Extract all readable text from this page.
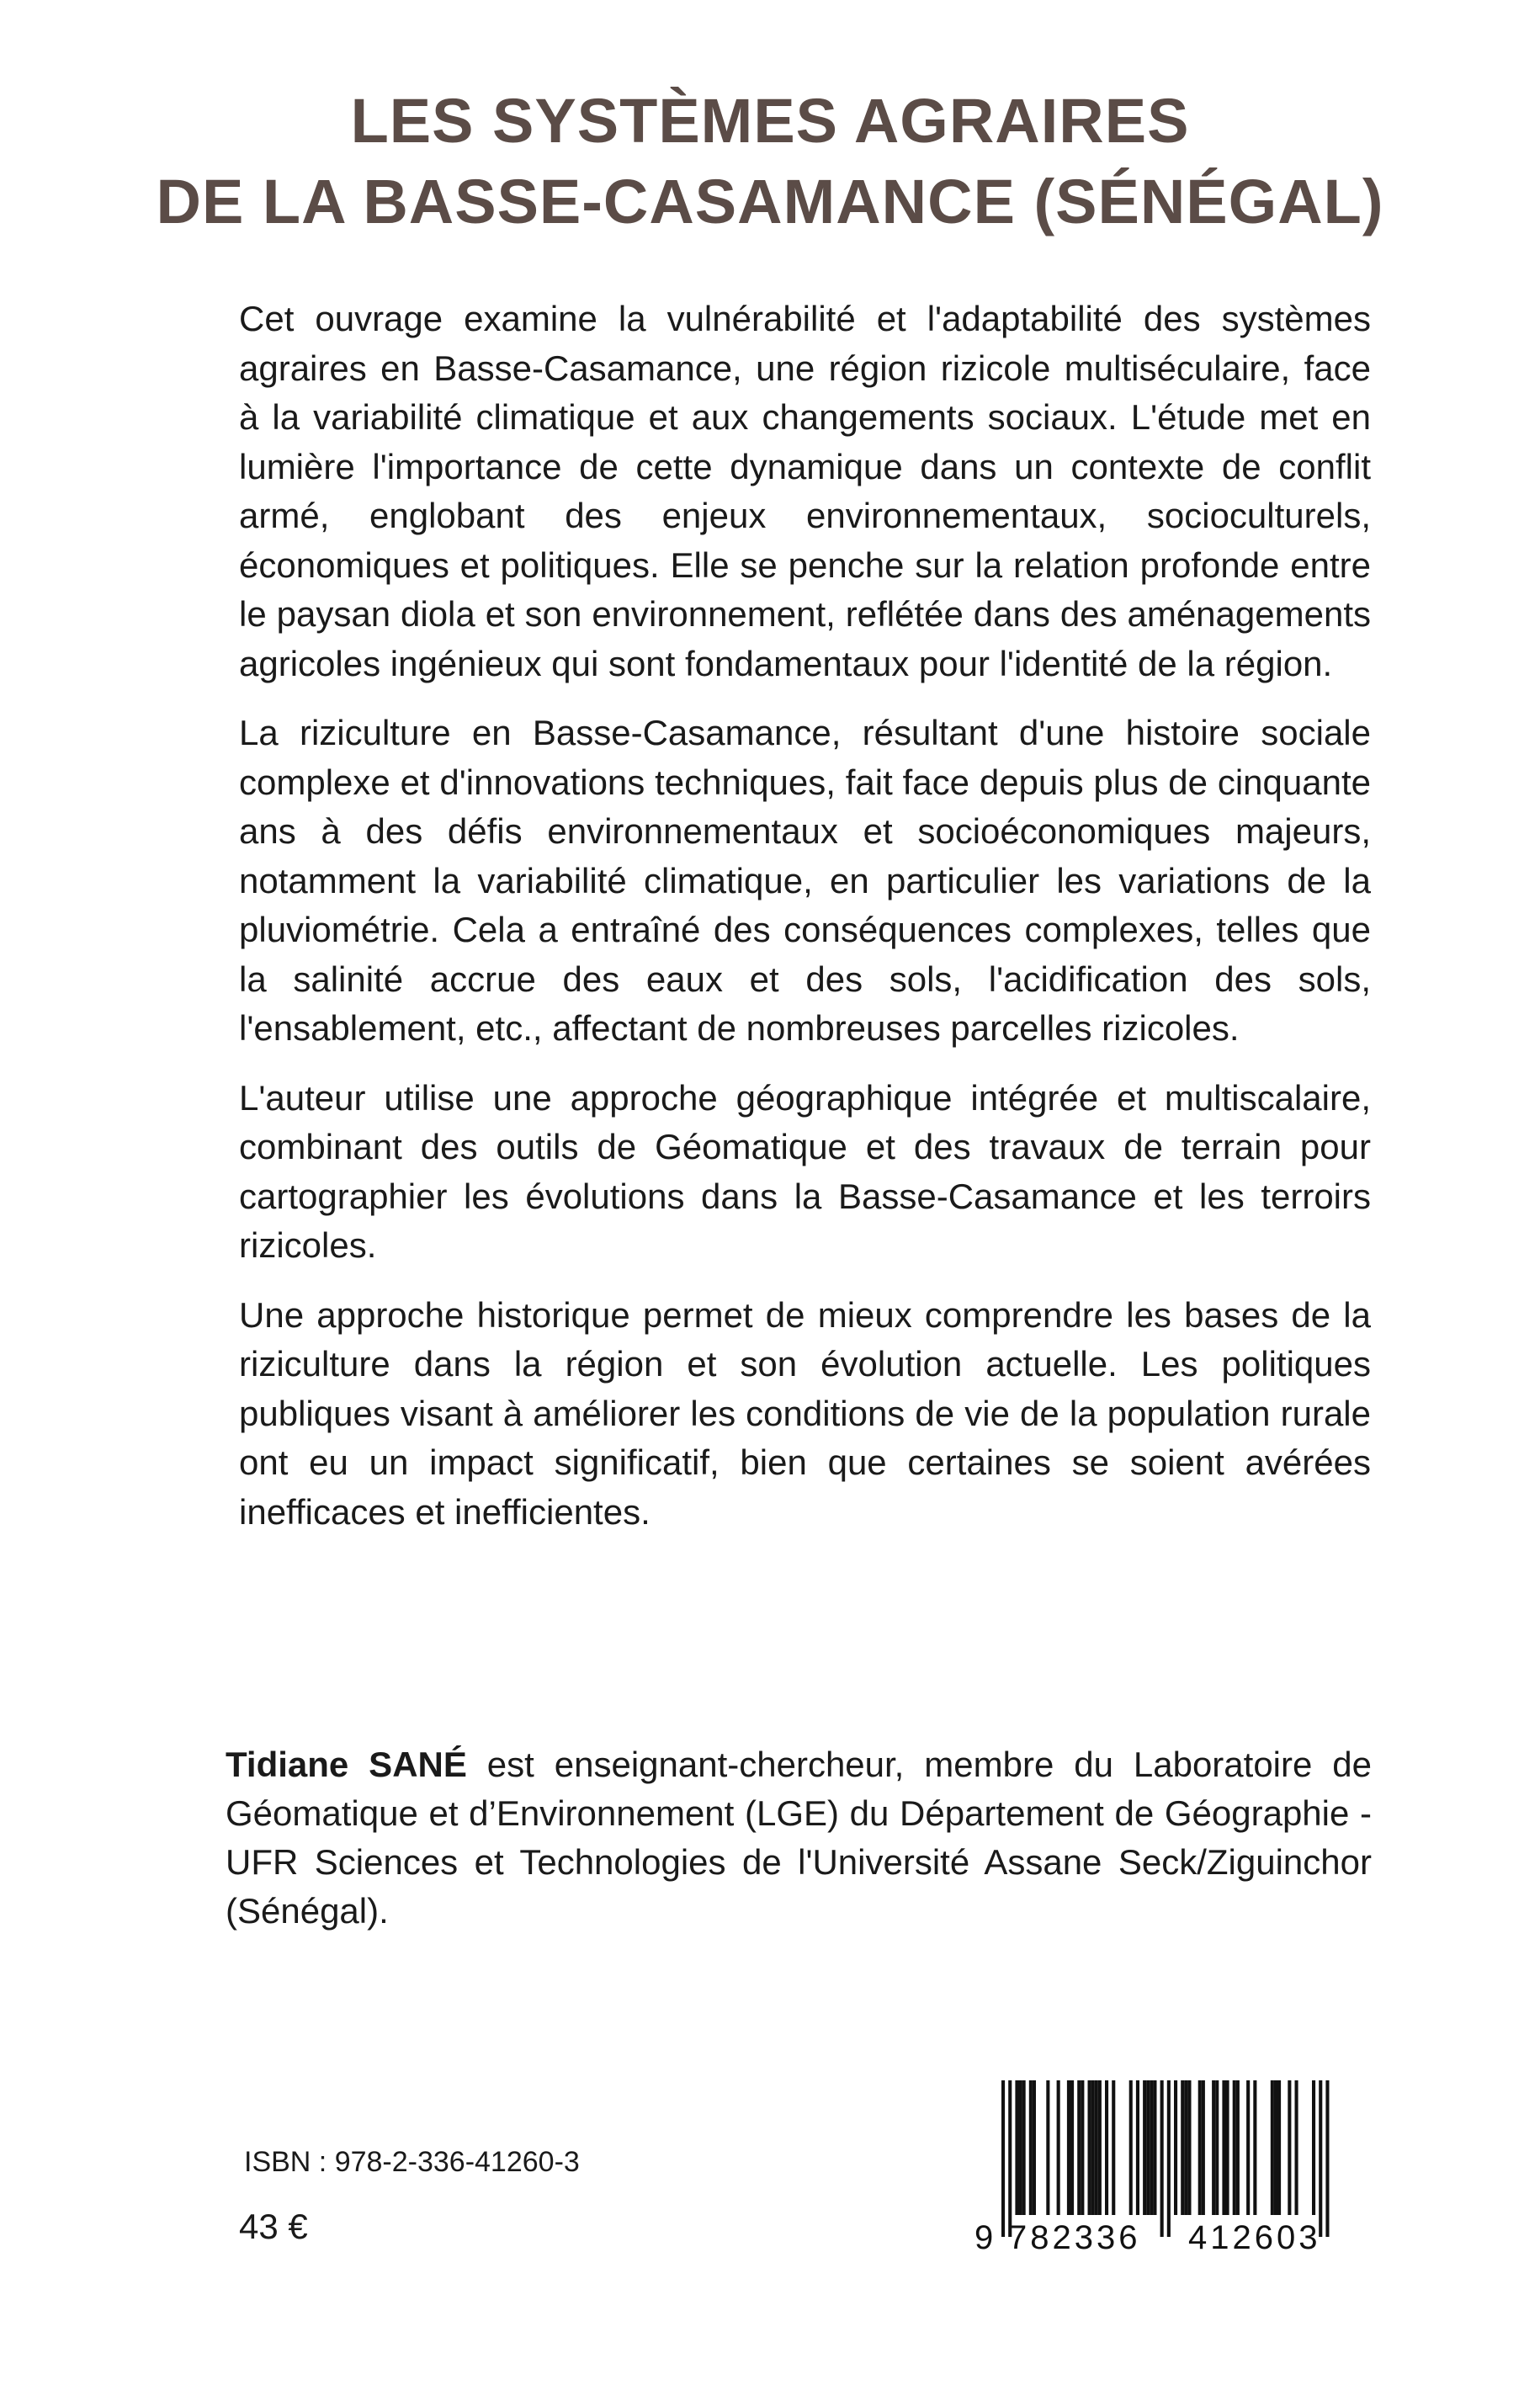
LES SYSTÈMES AGRAIRES
DE LA BASSE-CASAMANCE (SÉNÉGAL)

Cet ouvrage examine la vulnérabilité et l'adaptabilité des systèmes agraires en Basse-Casamance, une région rizicole multiséculaire, face à la variabilité climatique et aux changements sociaux. L'étude met en lumière l'importance de cette dynamique dans un contexte de conflit armé, englobant des enjeux environnementaux, socioculturels, économiques et politiques. Elle se penche sur la relation profonde entre le paysan diola et son environnement, reflétée dans des aménagements agricoles ingénieux qui sont fondamentaux pour l'identité de la région.

La riziculture en Basse-Casamance, résultant d'une histoire sociale complexe et d'innovations techniques, fait face depuis plus de cinquante ans à des défis environnementaux et socioéconomiques majeurs, notamment la variabilité climatique, en particulier les variations de la pluviométrie. Cela a entraîné des conséquences complexes, telles que la salinité accrue des eaux et des sols, l'acidification des sols, l'ensablement, etc., affectant de nombreuses parcelles rizicoles.

L'auteur utilise une approche géographique intégrée et multiscalaire, combinant des outils de Géomatique et des travaux de terrain pour cartographier les évolutions dans la Basse-Casamance et les terroirs rizicoles.

Une approche historique permet de mieux comprendre les bases de la riziculture dans la région et son évolution actuelle. Les politiques publiques visant à améliorer les conditions de vie de la population rurale ont eu un impact significatif, bien que certaines se soient avérées inefficaces et inefficientes.

Tidiane SANÉ est enseignant-chercheur, membre du Laboratoire de Géomatique et d’Environnement (LGE) du Département de Géographie - UFR Sciences et Technologies de l'Université Assane Seck/Ziguinchor (Sénégal).
ISBN : 978-2-336-41260-3
43 €	9 782336 412603
